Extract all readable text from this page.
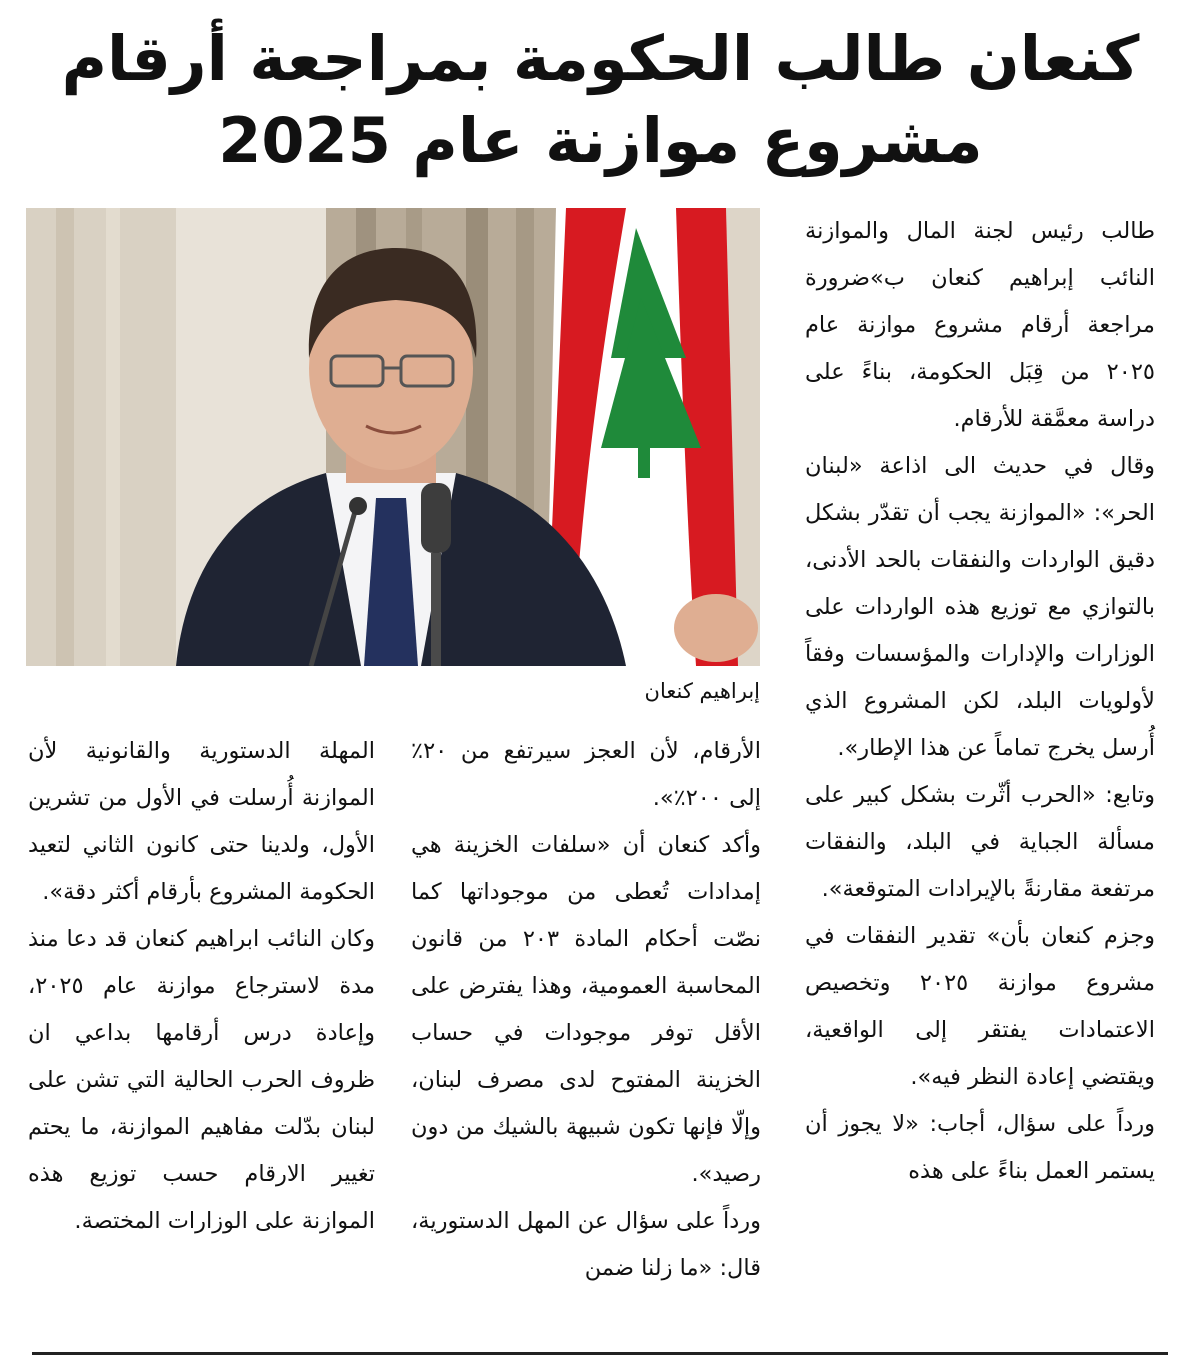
كنعان طالب الحكومة بمراجعة أرقام
مشروع موازنة عام 2025
إبراهيم كنعان

طالب رئيس لجنة المال والموازنة النائب إبراهيم كنعان ب»ضرورة مراجعة أرقام مشروع موازنة عام ٢٠٢٥ من قِبَل الحكومة، بناءً على دراسة معمَّقة للأرقام.

وقال في حديث الى اذاعة «لبنان الحر»: «الموازنة يجب أن تقدّر بشكل دقيق الواردات والنفقات بالحد الأدنى، بالتوازي مع توزيع هذه الواردات على الوزارات والإدارات والمؤسسات وفقاً لأولويات البلد، لكن المشروع الذي أُرسل يخرج تماماً عن هذا الإطار».

وتابع: «الحرب أثّرت بشكل كبير على مسألة الجباية في البلد، والنفقات مرتفعة مقارنةً بالإيرادات المتوقعة».

وجزم كنعان بأن» تقدير النفقات في مشروع موازنة ٢٠٢٥ وتخصيص الاعتمادات يفتقر إلى الواقعية، ويقتضي إعادة النظر فيه».

ورداً على سؤال، أجاب: «لا يجوز أن يستمر العمل بناءً على هذه

الأرقام، لأن العجز سيرتفع من ٢٠٪ إلى ٢٠٠٪».

وأكد كنعان أن «سلفات الخزينة هي إمدادات تُعطى من موجوداتها كما نصّت أحكام المادة ٢٠٣ من قانون المحاسبة العمومية، وهذا يفترض على الأقل توفر موجودات في حساب الخزينة المفتوح لدى مصرف لبنان، وإلّا فإنها تكون شبيهة بالشيك من دون رصيد».

ورداً على سؤال عن المهل الدستورية، قال: «ما زلنا ضمن

المهلة الدستورية والقانونية لأن الموازنة أُرسلت في الأول من تشرين الأول، ولدينا حتى كانون الثاني لتعيد الحكومة المشروع بأرقام أكثر دقة».

وكان النائب ابراهيم كنعان قد دعا منذ مدة لاسترجاع موازنة عام ٢٠٢٥، وإعادة درس أرقامها بداعي ان ظروف الحرب الحالية التي تشن على لبنان بدّلت مفاهيم الموازنة، ما يحتم تغيير الارقام حسب توزيع هذه الموازنة على الوزارات المختصة.
